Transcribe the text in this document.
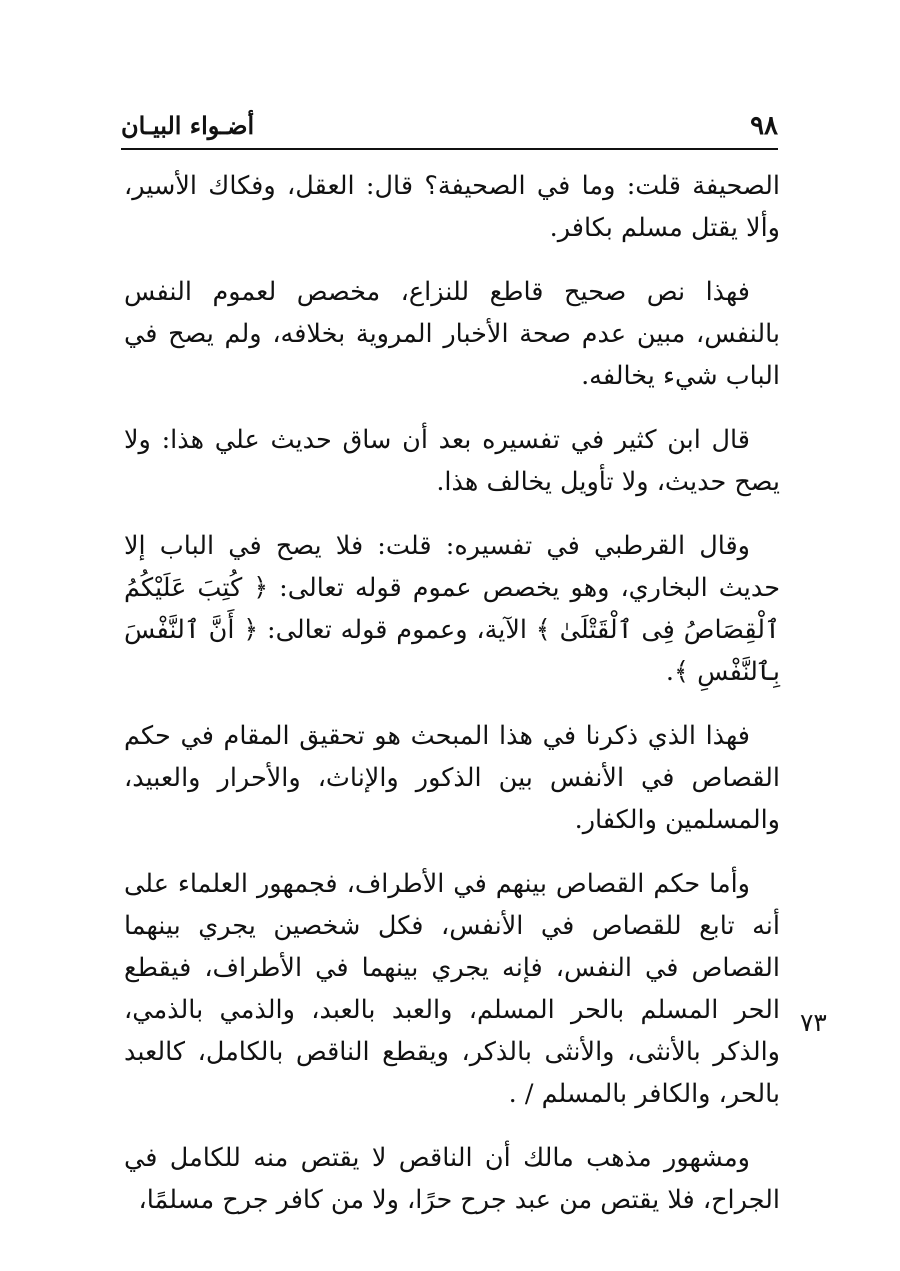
٩٨
أضـواء البيـان

الصحيفة قلت: وما في الصحيفة؟ قال: العقل، وفكاك الأسير، وألا يقتل مسلم بكافر.

فهذا نص صحيح قاطع للنزاع، مخصص لعموم النفس بالنفس، مبين عدم صحة الأخبار المروية بخلافه، ولم يصح في الباب شيء يخالفه.

قال ابن كثير في تفسيره بعد أن ساق حديث علي هذا: ولا يصح حديث، ولا تأويل يخالف هذا.

وقال القرطبي في تفسيره: قلت: فلا يصح في الباب إلا حديث البخاري، وهو يخصص عموم قوله تعالى: ﴿ كُتِبَ عَلَيْكُمُ ٱلْقِصَاصُ فِى ٱلْقَتْلَىٰ ﴾ الآية، وعموم قوله تعالى: ﴿ أَنَّ ٱلنَّفْسَ بِٱلنَّفْسِ ﴾.

فهذا الذي ذكرنا في هذا المبحث هو تحقيق المقام في حكم القصاص في الأنفس بين الذكور والإناث، والأحرار والعبيد، والمسلمين والكفار.

وأما حكم القصاص بينهم في الأطراف، فجمهور العلماء على أنه تابع للقصاص في الأنفس، فكل شخصين يجري بينهما القصاص في النفس، فإنه يجري بينهما في الأطراف، فيقطع الحر المسلم بالحر المسلم، والعبد بالعبد، والذمي بالذمي، والذكر بالأنثى، والأنثى بالذكر، ويقطع الناقص بالكامل، كالعبد بالحر، والكافر بالمسلم / .

ومشهور مذهب مالك أن الناقص لا يقتص منه للكامل في الجراح، فلا يقتص من عبد جرح حرًا، ولا من كافر جرح مسلمًا،

٧٣
